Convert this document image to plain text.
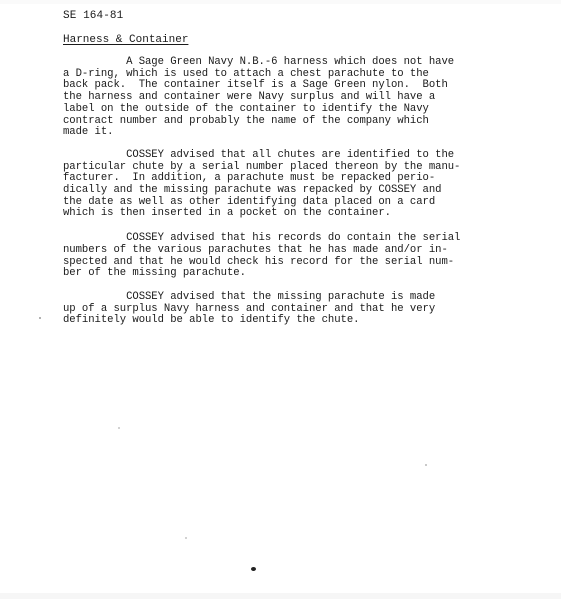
SE 164-81
Harness & Container

A Sage Green Navy N.B.-6 harness which does not have
a D-ring, which is used to attach a chest parachute to the
back pack.  The container itself is a Sage Green nylon.  Both
the harness and container were Navy surplus and will have a
label on the outside of the container to identify the Navy
contract number and probably the name of the company which
made it.

COSSEY advised that all chutes are identified to the
particular chute by a serial number placed thereon by the manu-
facturer.  In addition, a parachute must be repacked perio-
dically and the missing parachute was repacked by COSSEY and
the date as well as other identifying data placed on a card
which is then inserted in a pocket on the container.

COSSEY advised that his records do contain the serial
numbers of the various parachutes that he has made and/or in-
spected and that he would check his record for the serial num-
ber of the missing parachute.

COSSEY advised that the missing parachute is made
up of a surplus Navy harness and container and that he very
definitely would be able to identify the chute.
